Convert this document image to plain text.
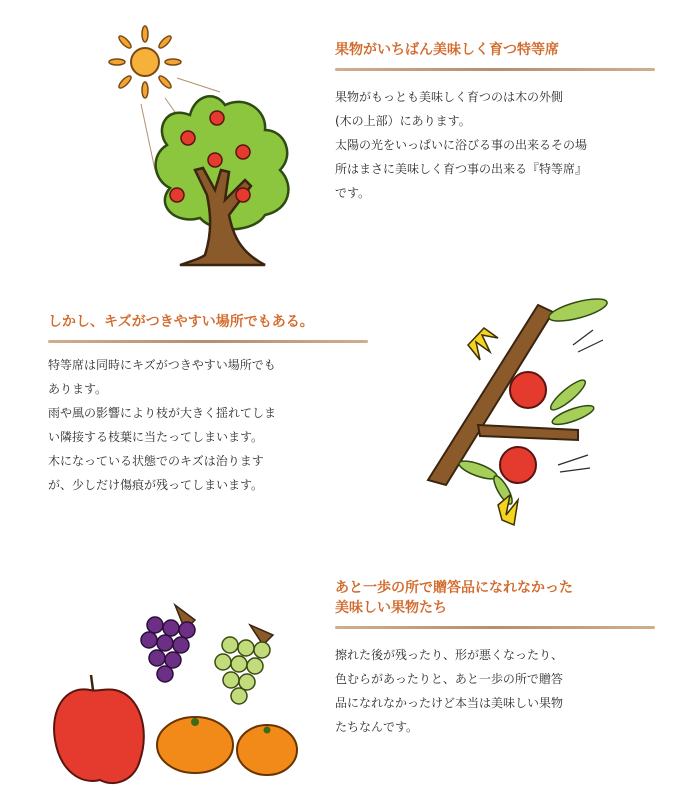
果物がいちばん美味しく育つ特等席
果物がもっとも美味しく育つのは木の外側
(木の上部）にあります。
太陽の光をいっぱいに浴びる事の出来るその場
所はまさに美味しく育つ事の出来る『特等席』
です。
しかし、キズがつきやすい場所でもある。
特等席は同時にキズがつきやすい場所でも
あります。
雨や風の影響により枝が大きく揺れてしま
い隣接する枝葉に当たってしまいます。
木になっている状態でのキズは治ります
が、少しだけ傷痕が残ってしまいます。
あと一歩の所で贈答品になれなかった
美味しい果物たち
擦れた後が残ったり、形が悪くなったり、
色むらがあったりと、あと一歩の所で贈答
品になれなかったけど本当は美味しい果物
たちなんです。
